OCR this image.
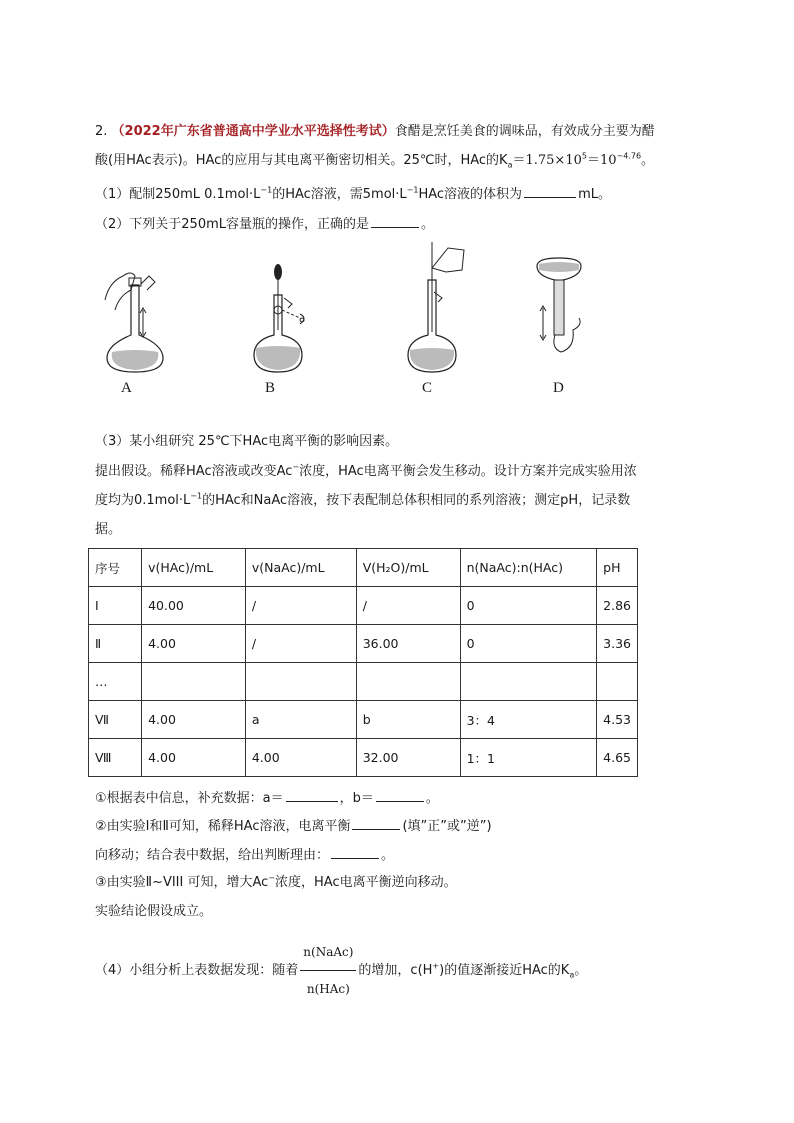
2. （2022年广东省普通高中学业水平选择性考试）食醋是烹饪美食的调味品，有效成分主要为醋
酸(用HAc表示)。HAc的应用与其电离平衡密切相关。25℃时，HAc的$K_a=1.75\times 10^5=10^{-4.76}$。
（1）配制250mL $0.1mol\cdot L^{-1}$的HAc溶液，需$5mol\cdot L^{-1}HAc$溶液的体积为	mL。
（2）下列关于250mL容量瓶的操作，正确的是	。
A	B	C	D
（3）某小组研究 25℃下HAc电离平衡的影响因素。
提出假设。稀释HAc溶液或改变Ac−浓度，HAc电离平衡会发生移动。设计方案并完成实验用浓
度均为$0.1mol\cdot L^{-1}$的HAc和NaAc溶液，按下表配制总体积相同的系列溶液；测定pH，记录数
据。
序号	v(HAc)/mL	v(NaAc)/mL	V(H₂O)/mL	n(NaAc):n(HAc)	pH
Ⅰ	40.00	/	/	0	2.86
Ⅱ	4.00	/	36.00	0	3.36
…					
Ⅶ	4.00	a	b	3：4	4.53
Ⅷ	4.00	4.00	32.00	1：1	4.65
①根据表中信息，补充数据：a＝	，b＝	。
②由实验Ⅰ和Ⅱ可知，稀释HAc溶液，电离平衡	(填”正”或”逆”)
向移动；结合表中数据，给出判断理由：	。
③由实验Ⅱ~VIII 可知，增大Ac−浓度，HAc电离平衡逆向移动。
实验结论假设成立。
（4）小组分析上表数据发现：随着 $\frac{\text{n(NaAc)}}{\text{n(HAc)}}$ 的增加，c(H+)的值逐渐接近HAc的$K_a$。
